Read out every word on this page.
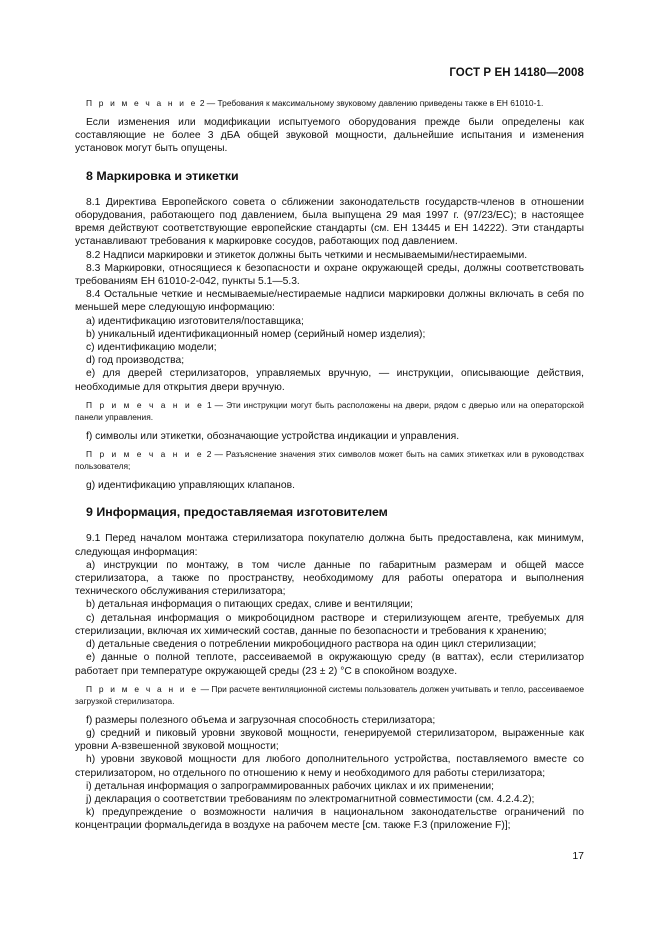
ГОСТ Р ЕН 14180—2008

П р и м е ч а н и е 2 — Требования к максимальному звуковому давлению приведены также в ЕН 61010-1.

Если изменения или модификации испытуемого оборудования прежде были определены как составляющие не более 3 дБА общей звуковой мощности, дальнейшие испытания и изменения установок могут быть опущены.

8 Маркировка и этикетки

8.1 Директива Европейского совета о сближении законодательств государств-членов в отношении оборудования, работающего под давлением, была выпущена 29 мая 1997 г. (97/23/ЕС); в настоящее время действуют соответствующие европейские стандарты (см. ЕН 13445 и ЕН 14222). Эти стандарты устанавливают требования к маркировке сосудов, работающих под давлением.

8.2 Надписи маркировки и этикеток должны быть четкими и несмываемыми/нестираемыми.

8.3 Маркировки, относящиеся к безопасности и охране окружающей среды, должны соответствовать требованиям ЕН 61010-2-042, пункты 5.1—5.3.

8.4 Остальные четкие и несмываемые/нестираемые надписи маркировки должны включать в себя по меньшей мере следующую информацию:

a) идентификацию изготовителя/поставщика;

b) уникальный идентификационный номер (серийный номер изделия);

c) идентификацию модели;

d) год производства;

e) для дверей стерилизаторов, управляемых вручную, — инструкции, описывающие действия, необходимые для открытия двери вручную.

П р и м е ч а н и е 1 — Эти инструкции могут быть расположены на двери, рядом с дверью или на операторской панели управления.

f) символы или этикетки, обозначающие устройства индикации и управления.

П р и м е ч а н и е 2 — Разъяснение значения этих символов может быть на самих этикетках или в руководствах пользователя;

g) идентификацию управляющих клапанов.

9 Информация, предоставляемая изготовителем

9.1 Перед началом монтажа стерилизатора покупателю должна быть предоставлена, как минимум, следующая информация:

a) инструкции по монтажу, в том числе данные по габаритным размерам и общей массе стерилизатора, а также по пространству, необходимому для работы оператора и выполнения технического обслуживания стерилизатора;

b) детальная информация о питающих средах, сливе и вентиляции;

c) детальная информация о микробоцидном растворе и стерилизующем агенте, требуемых для стерилизации, включая их химический состав, данные по безопасности и требования к хранению;

d) детальные сведения о потреблении микробоцидного раствора на один цикл стерилизации;

e) данные о полной теплоте, рассеиваемой в окружающую среду (в ваттах), если стерилизатор работает при температуре окружающей среды (23 ± 2) °С в спокойном воздухе.

П р и м е ч а н и е — При расчете вентиляционной системы пользователь должен учитывать и тепло, рассеиваемое загрузкой стерилизатора.

f) размеры полезного объема и загрузочная способность стерилизатора;

g) средний и пиковый уровни звуковой мощности, генерируемой стерилизатором, выраженные как уровни А-взвешенной звуковой мощности;

h) уровни звуковой мощности для любого дополнительного устройства, поставляемого вместе со стерилизатором, но отдельного по отношению к нему и необходимого для работы стерилизатора;

i) детальная информация о запрограммированных рабочих циклах и их применении;

j) декларация о соответствии требованиям по электромагнитной совместимости (см. 4.2.4.2);

k) предупреждение о возможности наличия в национальном законодательстве ограничений по концентрации формальдегида в воздухе на рабочем месте [см. также F.3 (приложение F)];

17
